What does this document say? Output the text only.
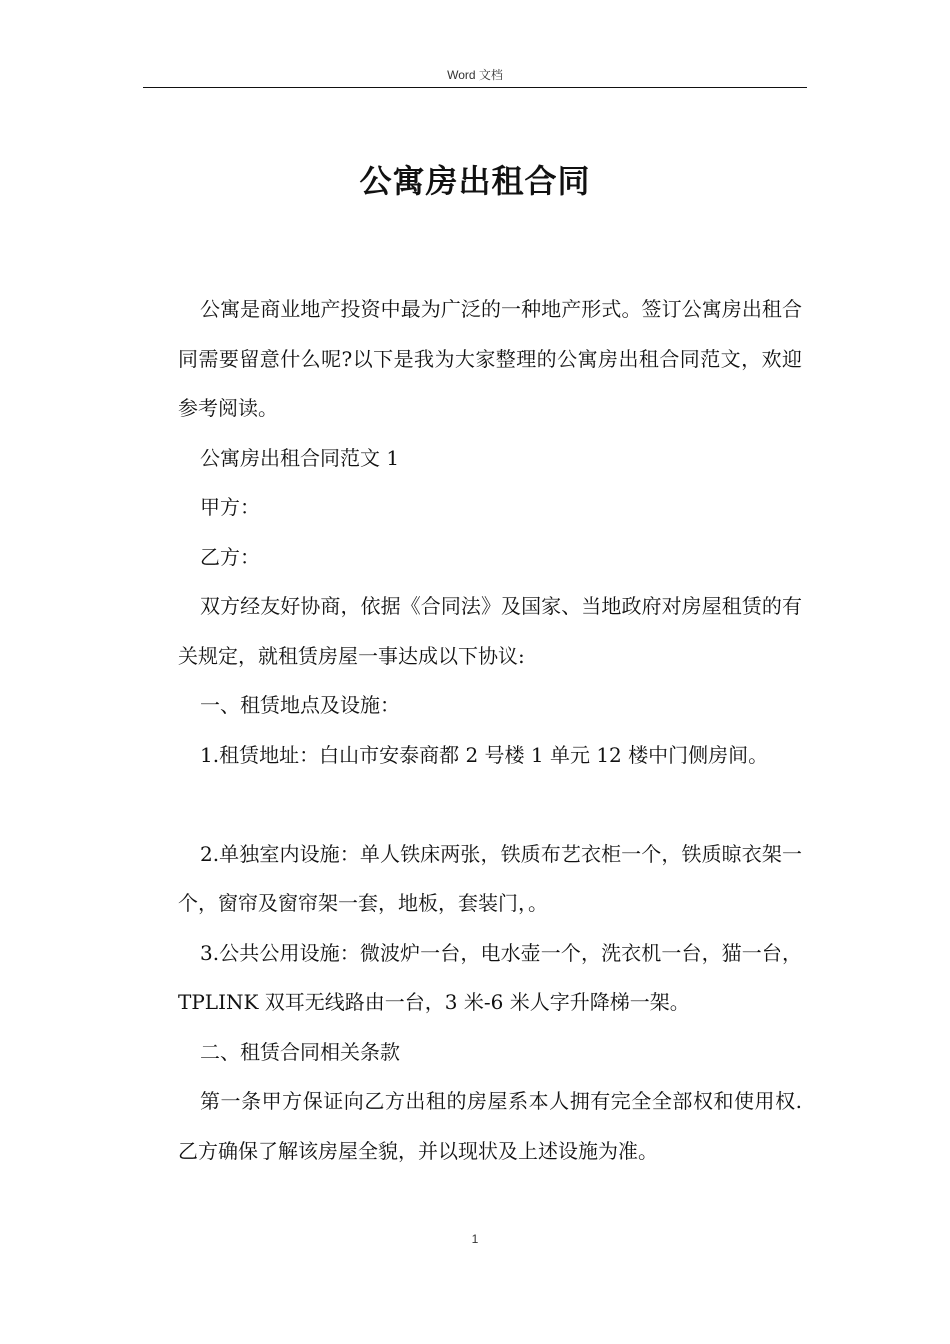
Word 文档
公寓房出租合同

公寓是商业地产投资中最为广泛的一种地产形式。签订公寓房出租合同需要留意什么呢?以下是我为大家整理的公寓房出租合同范文，欢迎参考阅读。

公寓房出租合同范文 1

甲方：

乙方：

双方经友好协商，依据《合同法》及国家、当地政府对房屋租赁的有关规定，就租赁房屋一事达成以下协议:

一、租赁地点及设施：

1.租赁地址：白山市安泰商都 2 号楼 1 单元 12 楼中门侧房间。

2.单独室内设施：单人铁床两张，铁质布艺衣柜一个，铁质晾衣架一个，窗帘及窗帘架一套，地板，套装门，。

3.公共公用设施：微波炉一台，电水壶一个，洗衣机一台，猫一台，TPLINK 双耳无线路由一台，3 米-6 米人字升降梯一架。

二、租赁合同相关条款

第一条甲方保证向乙方出租的房屋系本人拥有完全全部权和使用权.乙方确保了解该房屋全貌，并以现状及上述设施为准。

1
